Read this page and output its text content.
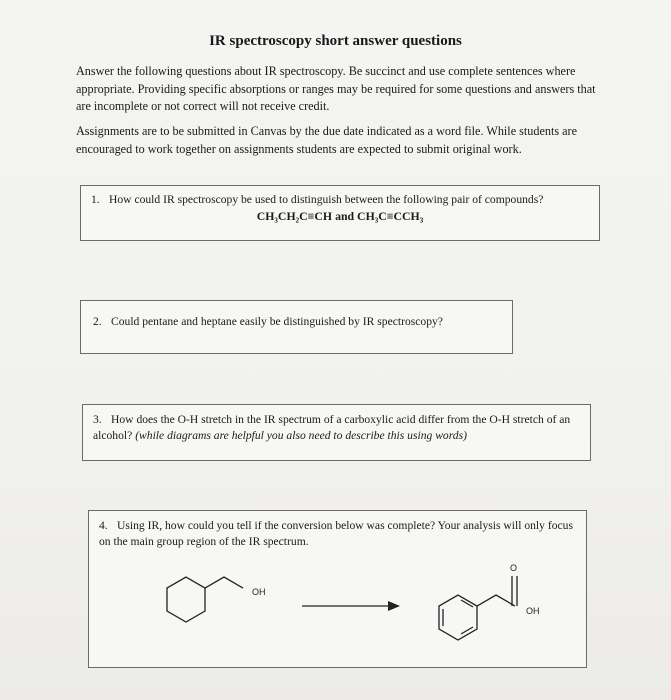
IR spectroscopy short answer questions
Answer the following questions about IR spectroscopy. Be succinct and use complete sentences where appropriate. Providing specific absorptions or ranges may be required for some questions and answers that are incomplete or not correct will not receive credit.
Assignments are to be submitted in Canvas by the due date indicated as a word file. While students are encouraged to work together on assignments students are expected to submit original work.
1. How could IR spectroscopy be used to distinguish between the following pair of compounds?
CH₃CH₂C≡CH and CH₃C≡CCH₃
2. Could pentane and heptane easily be distinguished by IR spectroscopy?
3. How does the O-H stretch in the IR spectrum of a carboxylic acid differ from the O-H stretch of an alcohol? (while diagrams are helpful you also need to describe this using words)
4. Using IR, how could you tell if the conversion below was complete? Your analysis will only focus on the main group region of the IR spectrum.
OH
O
OH
